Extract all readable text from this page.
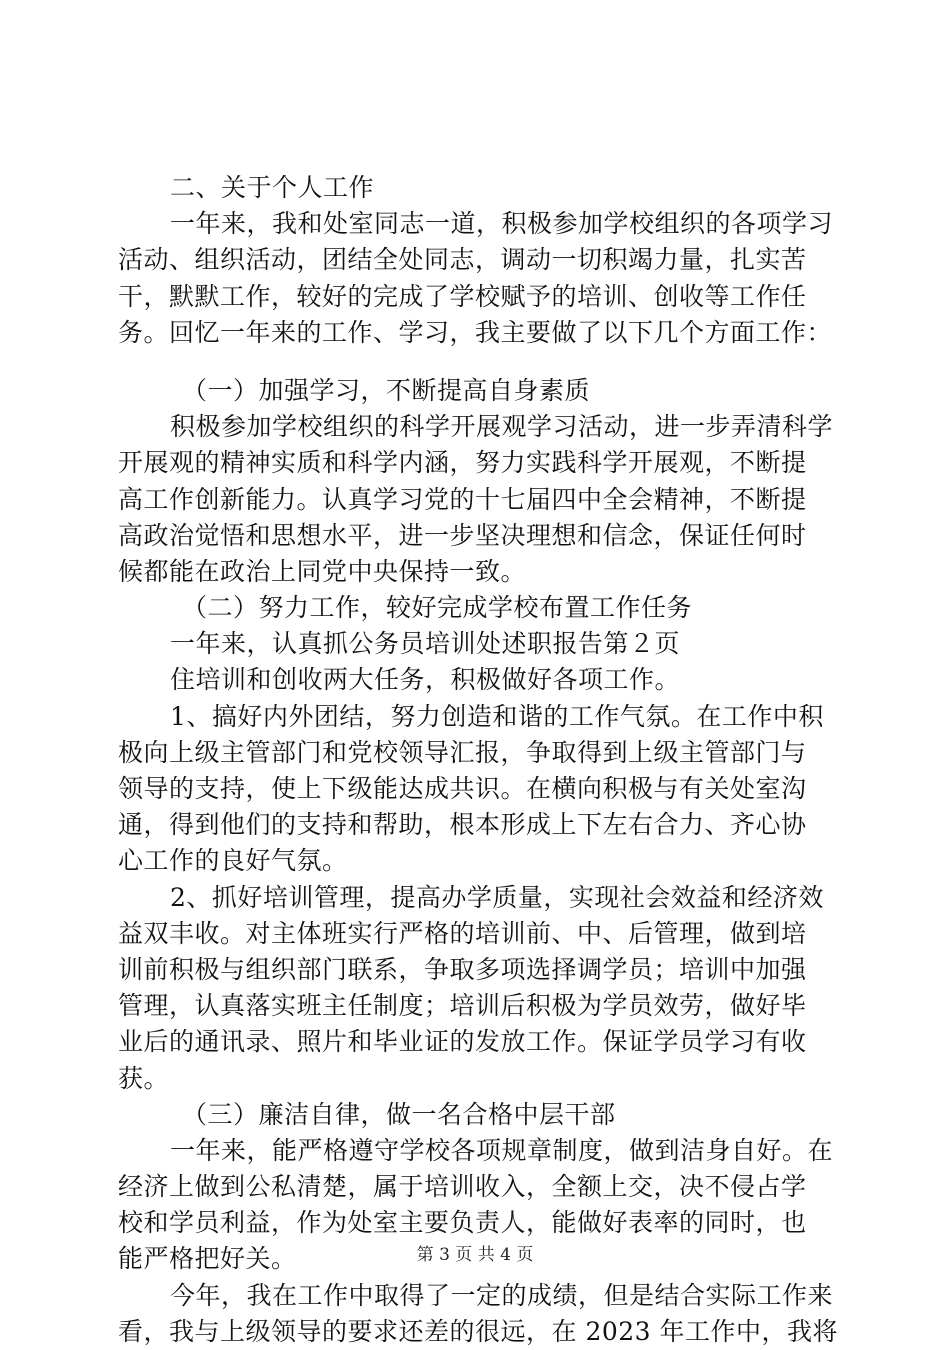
二、关于个人工作
一年来，我和处室同志一道，积极参加学校组织的各项学习
活动、组织活动，团结全处同志，调动一切积竭力量，扎实苦
干，默默工作，较好的完成了学校赋予的培训、创收等工作任
务。回忆一年来的工作、学习，我主要做了以下几个方面工作：
（一）加强学习，不断提高自身素质
积极参加学校组织的科学开展观学习活动，进一步弄清科学
开展观的精神实质和科学内涵，努力实践科学开展观，不断提
高工作创新能力。认真学习党的十七届四中全会精神，不断提
高政治觉悟和思想水平，进一步坚决理想和信念，保证任何时
候都能在政治上同党中央保持一致。
（二）努力工作，较好完成学校布置工作任务
一年来，认真抓公务员培训处述职报告第２页
住培训和创收两大任务，积极做好各项工作。
1、搞好内外团结，努力创造和谐的工作气氛。在工作中积
极向上级主管部门和党校领导汇报，争取得到上级主管部门与
领导的支持，使上下级能达成共识。在横向积极与有关处室沟
通，得到他们的支持和帮助，根本形成上下左右合力、齐心协
心工作的良好气氛。
2、抓好培训管理，提高办学质量，实现社会效益和经济效
益双丰收。对主体班实行严格的培训前、中、后管理，做到培
训前积极与组织部门联系，争取多项选择调学员；培训中加强
管理，认真落实班主任制度；培训后积极为学员效劳，做好毕
业后的通讯录、照片和毕业证的发放工作。保证学员学习有收
获。
（三）廉洁自律，做一名合格中层干部
一年来，能严格遵守学校各项规章制度，做到洁身自好。在
经济上做到公私清楚，属于培训收入，全额上交，决不侵占学
校和学员利益，作为处室主要负责人，能做好表率的同时，也
能严格把好关。
今年，我在工作中取得了一定的成绩，但是结合实际工作来
看，我与上级领导的要求还差的很远，在 2023 年工作中，我将
第 3 页 共 4 页
